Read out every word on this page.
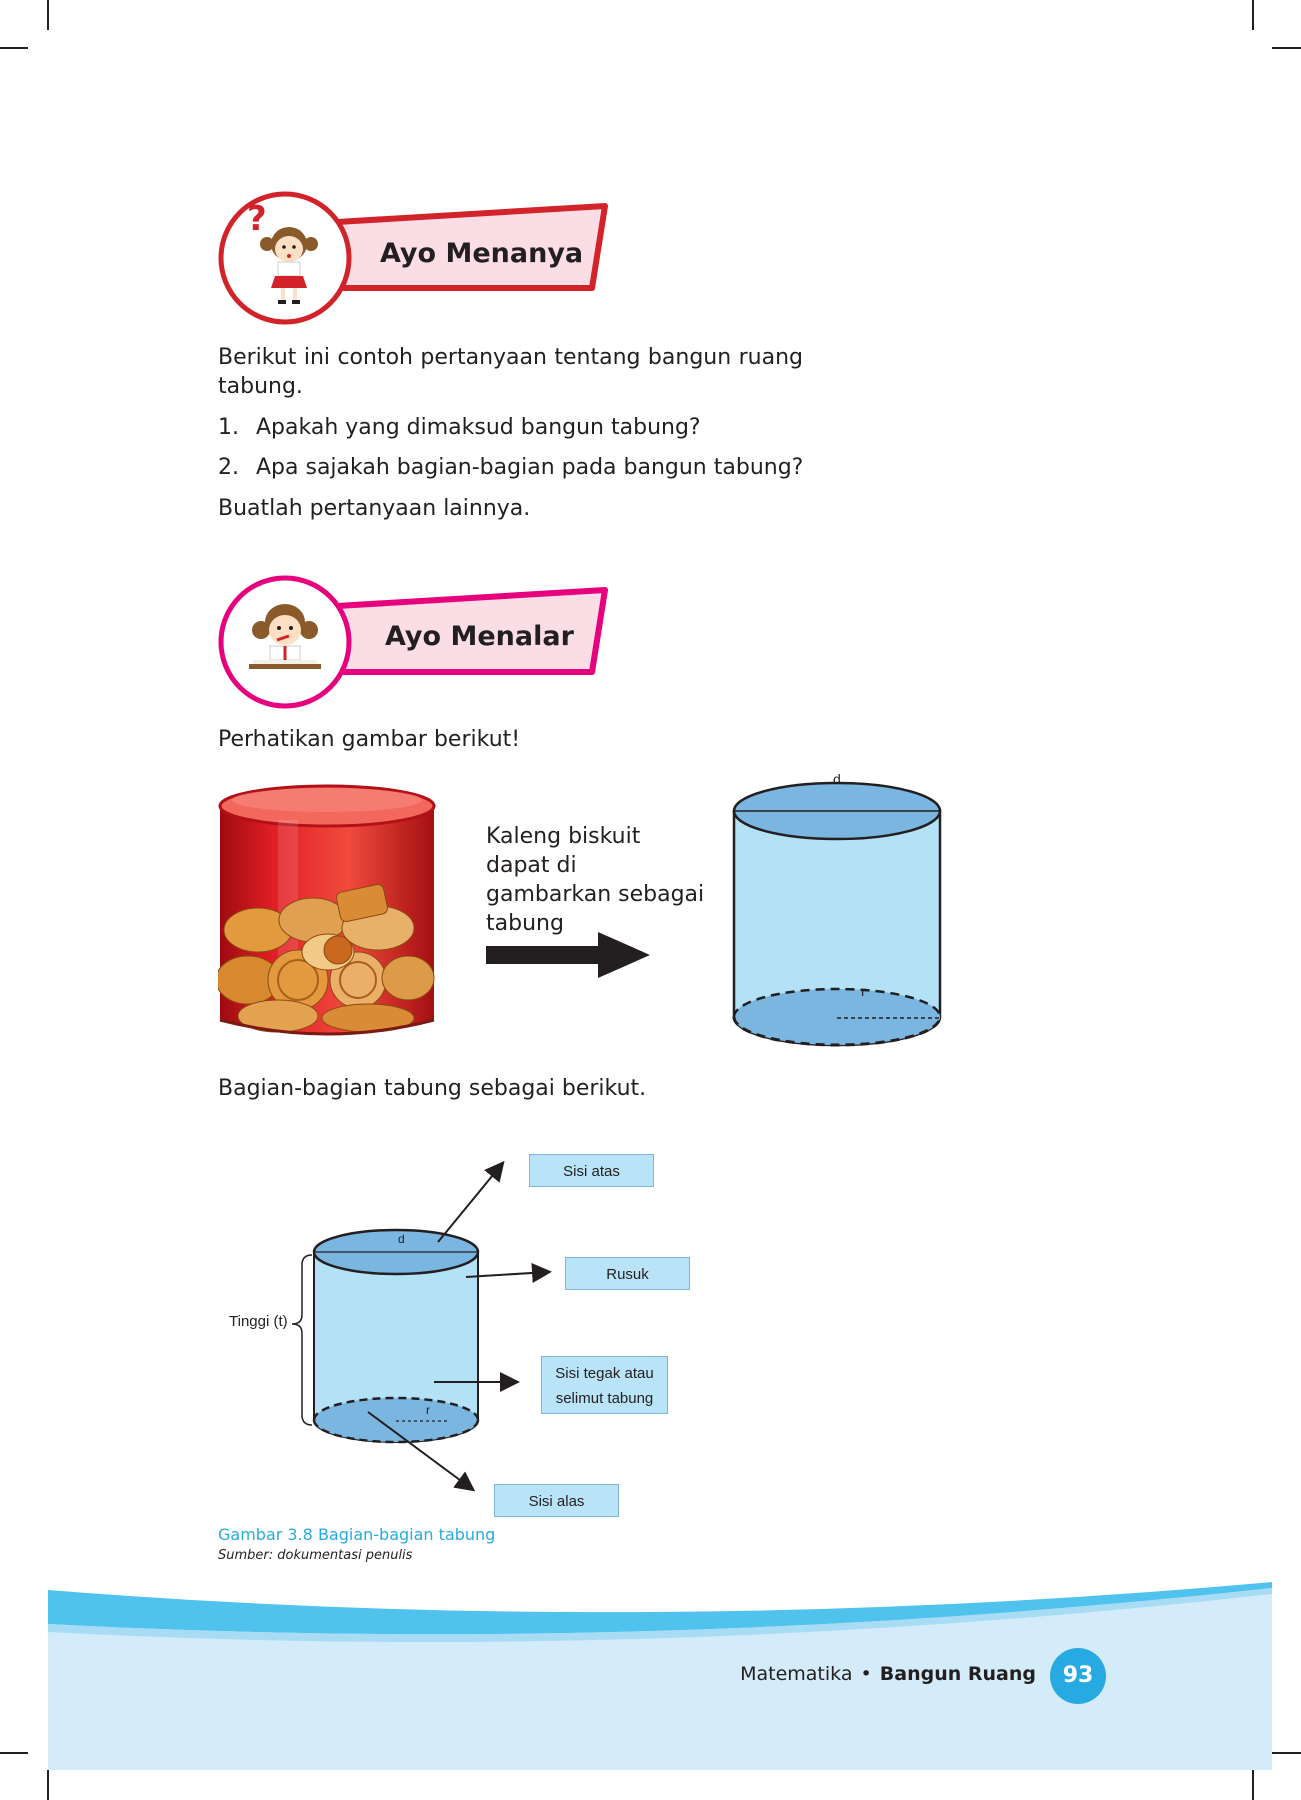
?
Ayo Menanya
Berikut ini contoh pertanyaan tentang bangun ruang tabung.
1. Apakah yang dimaksud bangun tabung?
2. Apa sajakah bagian-bagian pada bangun tabung?
Buatlah pertanyaan lainnya.
Ayo Menalar
Perhatikan gambar berikut!
Kaleng biskuit dapat di gambarkan sebagai tabung
d
r
Bagian-bagian tabung sebagai berikut.
d
r
Tinggi (t)
Sisi atas
Rusuk
Sisi tegak atau
selimut tabung
Sisi alas
Gambar 3.8 Bagian-bagian tabung
Sumber: dokumentasi penulis
Matematika • Bangun Ruang	93
